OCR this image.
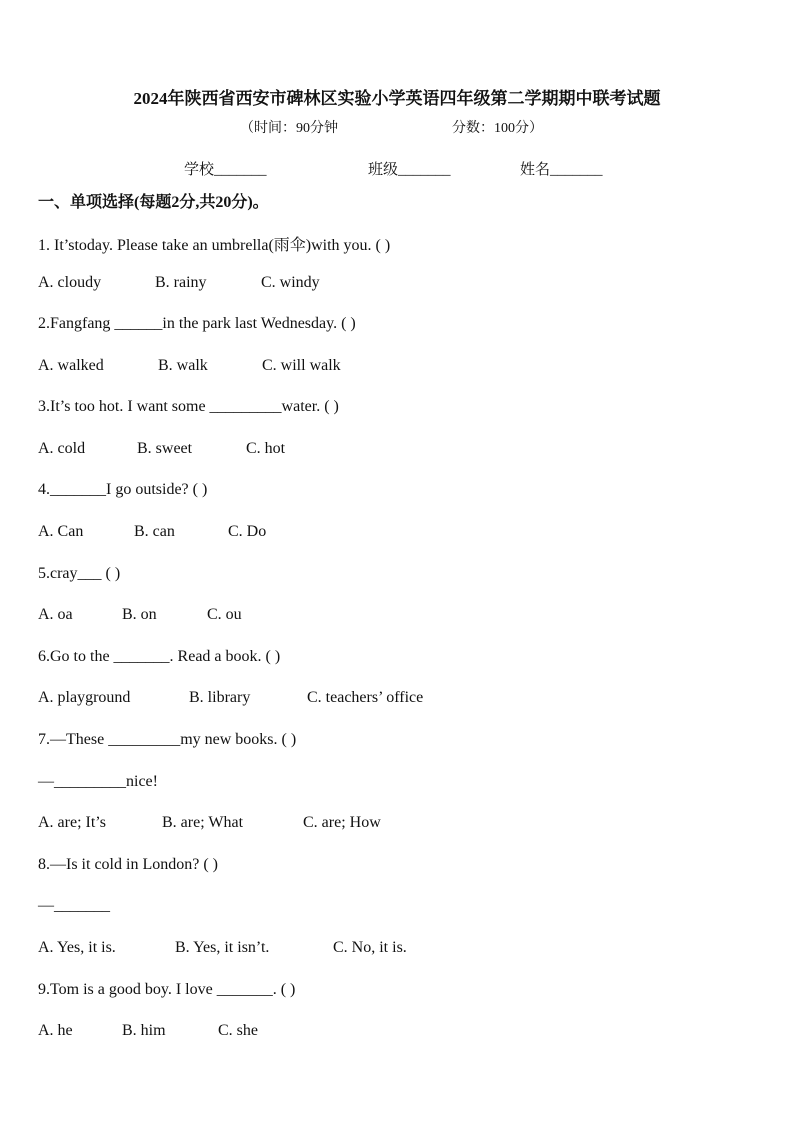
2024年陕西省西安市碑林区实验小学英语四年级第二学期期中联考试题
（时间：90分钟	分数：100分）
学校_______	班级_______	姓名_______
一、单项选择(每题2分,共20分)。
1. It’stoday. Please take an umbrella(雨伞)with you. ( )
A. cloudy	B. rainy	C. windy
2.Fangfang ______in the park last Wednesday. ( )
A. walked	B. walk	C. will walk
3.It’s too hot. I want some _________water. ( )
A. cold	B. sweet	C. hot
4._______I go outside? ( )
A. Can	B. can	C. Do
5.cray___ ( )
A. oa	B. on	C. ou
6.Go to the _______. Read a book. ( )
A. playground	B. library	C. teachers’ office
7.—These _________my new books. ( )
—_________nice!
A. are; It’s	B. are; What	C. are; How
8.—Is it cold in London? ( )
—_______
A. Yes, it is.	B. Yes, it isn’t.	C. No, it is.
9.Tom is a good boy. I love _______. ( )
A. he	B. him	C. she
